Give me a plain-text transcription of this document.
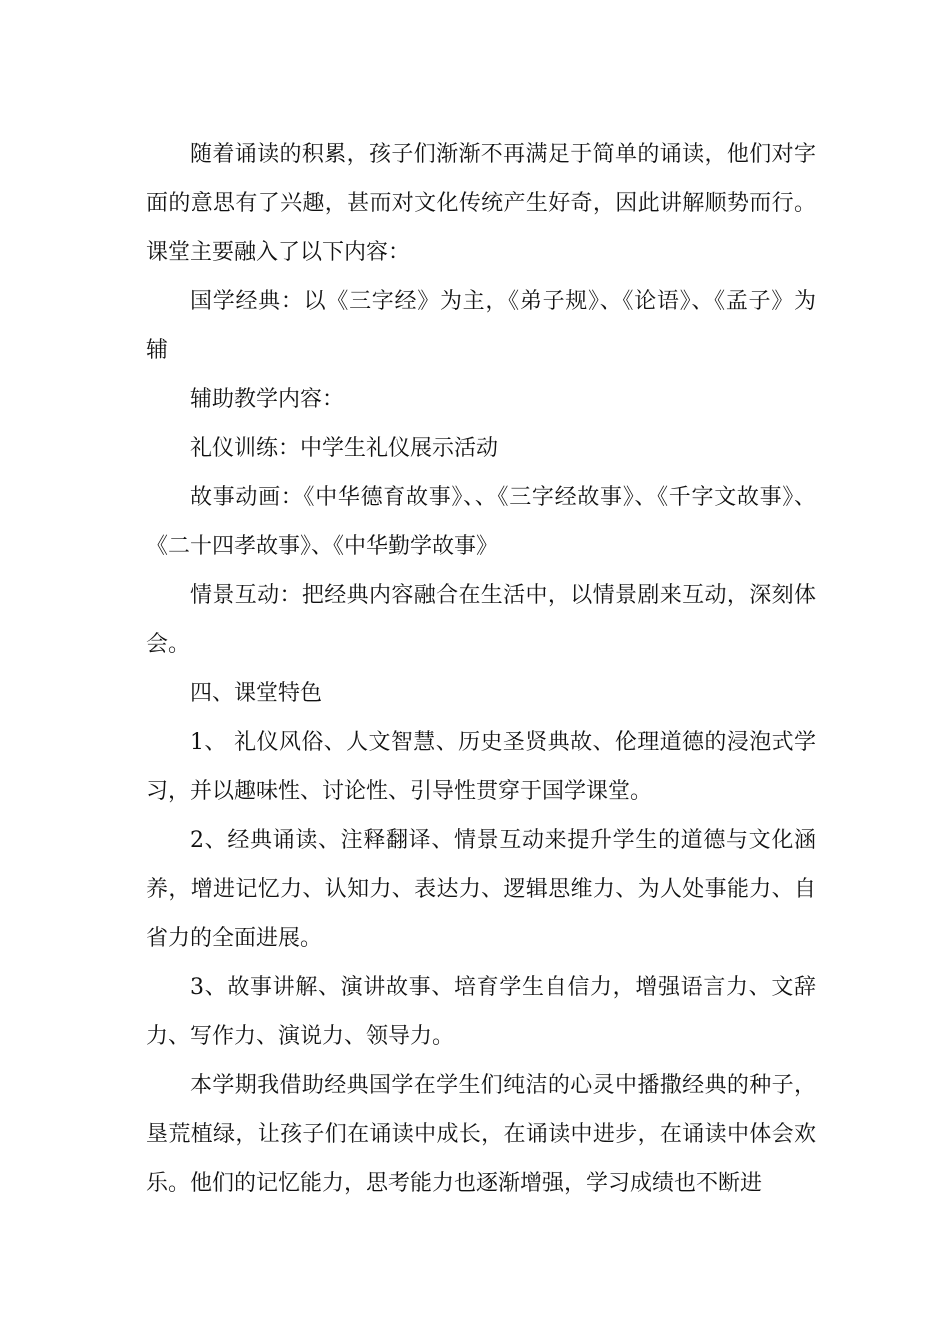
随着诵读的积累，孩子们渐渐不再满足于简单的诵读，他们对字面的意思有了兴趣，甚而对文化传统产生好奇，因此讲解顺势而行。课堂主要融入了以下内容：

国学经典：以《三字经》为主，《弟子规》、《论语》、《孟子》为辅

辅助教学内容：

礼仪训练：中学生礼仪展示活动

故事动画：《中华德育故事》、、《三字经故事》、《千字文故事》、《二十四孝故事》、《中华勤学故事》

情景互动：把经典内容融合在生活中，以情景剧来互动，深刻体会。

四、课堂特色

1、 礼仪风俗、人文智慧、历史圣贤典故、伦理道德的浸泡式学习，并以趣味性、讨论性、引导性贯穿于国学课堂。

2、经典诵读、注释翻译、情景互动来提升学生的道德与文化涵养，增进记忆力、认知力、表达力、逻辑思维力、为人处事能力、自省力的全面进展。

3、故事讲解、演讲故事、培育学生自信力，增强语言力、文辞力、写作力、演说力、领导力。

本学期我借助经典国学在学生们纯洁的心灵中播撒经典的种子，垦荒植绿，让孩子们在诵读中成长，在诵读中进步，在诵读中体会欢乐。他们的记忆能力，思考能力也逐渐增强，学习成绩也不断进
